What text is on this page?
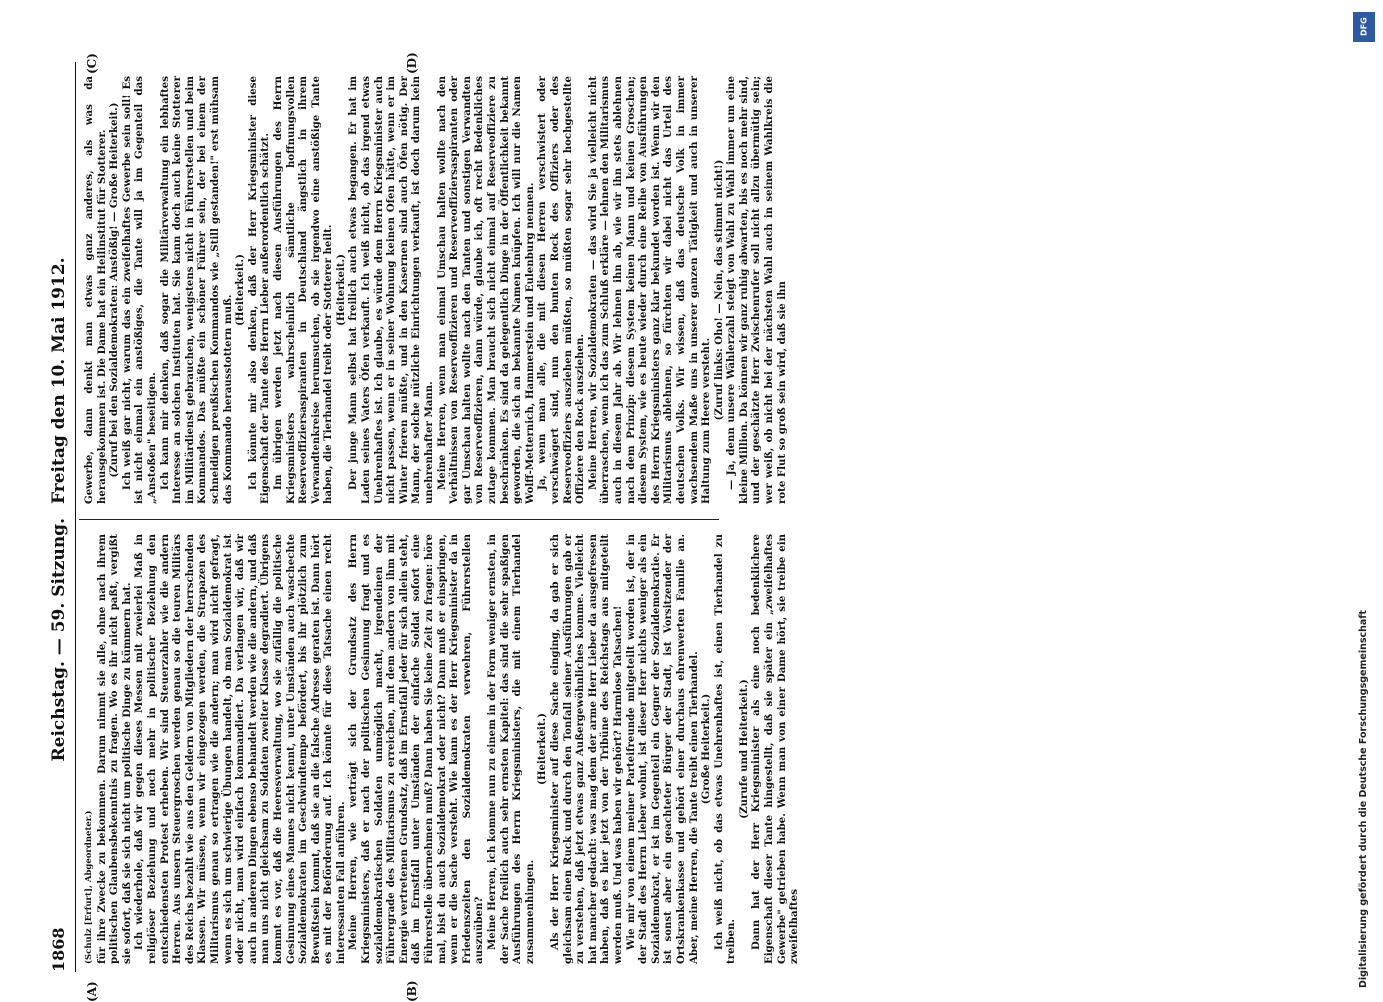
1868
Reichstag. — 59. Sitzung.
Freitag den 10. Mai 1912.
(A)	(B)
(C)	(D)

(Schulz [Erfurt], Abgeordneter.) für ihre Zwecke zu bekommen. Darum nimmt sie alle, ohne nach ihrem politischen Glaubensbekenntnis zu fragen. Wo es ihr nicht paßt, vergißt sie sofort, daß sie sich nicht um politische Dinge zu kümmern hat. Ich wiederhole, daß wir gegen dieses Messen mit zweierlei Maß in religiöser Beziehung und noch mehr in politischer Beziehung den entschiedensten Protest erheben. Wir sind Steuerzahler wie die andern Herren. Aus unsern Steuergroschen werden genau so die teuren Militärs des Reichs bezahlt wie aus den Geldern von Mitgliedern der herrschenden Klassen. Wir müssen, wenn wir eingezogen werden, die Strapazen des Militarismus genau so ertragen wie die andern; man wird nicht gefragt, wenn es sich um schwierige Übungen handelt, ob man Sozialdemokrat ist oder nicht, man wird einfach kommandiert. Da verlangen wir, daß wir auch in anderen Dingen ebenso behandelt werden wie die andern, und daß man uns nicht gleichsam zu Soldaten zweiter Klasse degradiert. Übrigens kommt es vor, daß die Heeresverwaltung, wo sie zufällig die politische Gesinnung eines Mannes nicht kennt, unter Umständen auch waschechte Sozialdemokraten im Geschwindtempo befördert, bis ihr plötzlich zum Bewußtsein kommt, daß sie an die falsche Adresse geraten ist. Dann hört es mit der Beförderung auf. Ich könnte für diese Tatsache einen recht interessanten Fall anführen. Meine Herren, wie verträgt sich der Grundsatz des Herrn Kriegsministers, daß er nach der politischen Gesinnung fragt und es sozialdemokratischen Soldaten unmöglich macht, irgendeinen der Führergrade des Militarismus zu erreichen, mit dem andern von ihm mit Energie vertretenen Grundsatz, daß im Ernstfall jeder für sich allein steht, daß im Ernstfall unter Umständen der einfache Soldat sofort eine Führerstelle übernehmen muß? Dann haben Sie keine Zeit zu fragen: höre mal, bist du auch Sozialdemokrat oder nicht? Dann muß er einspringen, wenn er die Sache versteht. Wie kann es der Herr Kriegsminister da in Friedenszeiten den Sozialdemokraten verwehren, Führerstellen auszuüben? Meine Herren, ich komme nun zu einem in der Form weniger ernsten, in der Sache freilich auch sehr ernsten Kapitel: das sind die sehr spaßigen Ausführungen des Herrn Kriegsministers, die mit einem Tierhandel zusammenhingen.

(Heiterkeit.) Als der Herr Kriegsminister auf diese Sache einging, da gab er sich gleichsam einen Ruck und durch den Tonfall seiner Ausführungen gab er zu verstehen, daß jetzt etwas ganz Außergewöhnliches komme. Vielleicht hat mancher gedacht: was mag dem der arme Herr Lieber da ausgefressen haben, daß es hier jetzt von der Tribüne des Reichstags aus mitgeteilt werden muß. Und was haben wir gehört? Harmlose Tatsachen! Wie mir von einem meiner Parteifreunde mitgeteilt worden ist, der in der Stadt des Herrn Lieber wohnt, ist dieser Herr nichts weniger als ein Sozialdemokrat, er ist im Gegenteil ein Gegner der Sozialdemokratie. Er ist sonst aber ein geachteter Bürger der Stadt, ist Vorsitzender der Ortskrankenkasse und gehört einer durchaus ehrenwerten Familie an. Aber, meine Herren, die Tante treibt einen Tierhandel. (Große Heiterkeit.) Ich weiß nicht, ob das etwas Unehrenhaftes ist, einen Tierhandel zu treiben.

(Zurufe und Heiterkeit.) Dann hat der Herr Kriegsminister als eine noch bedenklichere Eigenschaft dieser Tante hingestellt, daß sie später ein „zweifelhaftes Gewerbe" getrieben habe. Wenn man von einer Dame hört, sie treibe ein zweifelhaftes

Gewerbe, dann denkt man etwas ganz anderes, als was da herausgekommen ist. Die Dame hat ein Heilinstitut für Stotterer. (Zuruf bei den Sozialdemokraten: Anstößig! — Große Heiterkeit.) Ich weiß gar nicht, warum das ein zweifelhaftes Gewerbe sein soll! Es ist nicht einmal ein anstößiges, die Tante will ja im Gegenteil das „Anstoßen" beseitigen. Ich kann mir denken, daß sogar die Militärverwaltung ein lebhaftes Interesse an solchen Instituten hat. Sie kann doch auch keine Stotterer im Militärdienst gebrauchen, wenigstens nicht in Führerstellen und beim Kommandos. Das müßte ein schöner Führer sein, der bei einem der schneidigen preußischen Kommandos wie „Still gestanden!" erst mühsam das Kommando herausstottern muß.

(Heiterkeit.) Ich könnte mir also denken, daß der Herr Kriegsminister diese Eigenschaft der Tante des Herrn Lieber außerordentlich schätzt. Im übrigen werden jetzt nach diesen Ausführungen des Herrn Kriegsministers wahrscheinlich sämtliche hoffnungsvollen Reserveoffiziersaspiranten in Deutschland ängstlich in ihrem Verwandtenkreise herumsuchen, ob sie irgendwo eine anstößige Tante haben, die Tierhandel treibt oder Stotterer heilt. (Heiterkeit.) Der junge Mann selbst hat freilich auch etwas begangen. Er hat im Laden seines Vaters Öfen verkauft. Ich weiß nicht, ob das irgend etwas Unehrenhaftes ist. Ich glaube, es würde dem Herrn Kriegsminister auch nicht passen, wenn er in seiner Wohnung keinen Ofen hätte, wenn er im Winter frieren müßte, und in den Kasernen sind auch Öfen nötig. Der Mann, der solche nützliche Einrichtungen verkauft, ist doch darum kein unehrenhafter Mann. Meine Herren, wenn man einmal Umschau halten wollte nach den Verhältnissen von Reserveoffizieren und Reserveoffiziersaspiranten oder gar Umschau halten wollte nach den Tanten und sonstigen Verwandten von Reserveoffizieren, dann würde, glaube ich, oft recht Bedenkliches zutage kommen. Man braucht sich nicht einmal auf Reserveoffiziere zu beschränken. Es sind da gelegentlich Dinge in der Öffentlichkeit bekannt geworden, die sich an bekannte Namen knüpfen. Ich will nur die Namen Wolff-Metternich, Hammerstein und Eulenburg nennen. Ja, wenn man alle, die mit diesen Herren verschwistert oder verschwägert sind, nun den bunten Rock des Offiziers oder des Reserveoffiziers ausziehen müßten, so müßten sogar sehr hochgestellte Offiziere den Rock ausziehen. Meine Herren, wir Sozialdemokraten — das wird Sie ja vielleicht nicht überraschen, wenn ich das zum Schluß erkläre — lehnen den Militarismus auch in diesem Jahr ab. Wir lehnen ihn ab, wie wir ihn stets ablehnen nach dem Prinzip: diesem System keinen Mann und keinen Groschen; diesem System, wie es heute wieder durch eine Reihe von Ausführungen des Herrn Kriegsministers ganz klar bekundet worden ist. Wenn wir den Militarismus ablehnen, so fürchten wir dabei nicht das Urteil des deutschen Volks. Wir wissen, daß das deutsche Volk in immer wachsendem Maße uns in unserer ganzen Tätigkeit und auch in unserer Haltung zum Heere versteht.

(Zuruf links: Oho! — Nein, das stimmt nicht!) — Ja, denn unsere Wählerzahl steigt von Wahl zu Wahl immer um eine kleine Million. Da können wir ganz ruhig abwarten, bis es noch mehr sind, und der geschätzte Herr Zwischenrufer soll nicht allzu übermütig sein; wer weiß, ob nicht bei der nächsten Wahl auch in seinem Wahlkreis die rote Flut so groß sein wird, daß sie ihn

DFG
Digitalisierung gefördert durch die Deutsche Forschungsgemeinschaft
